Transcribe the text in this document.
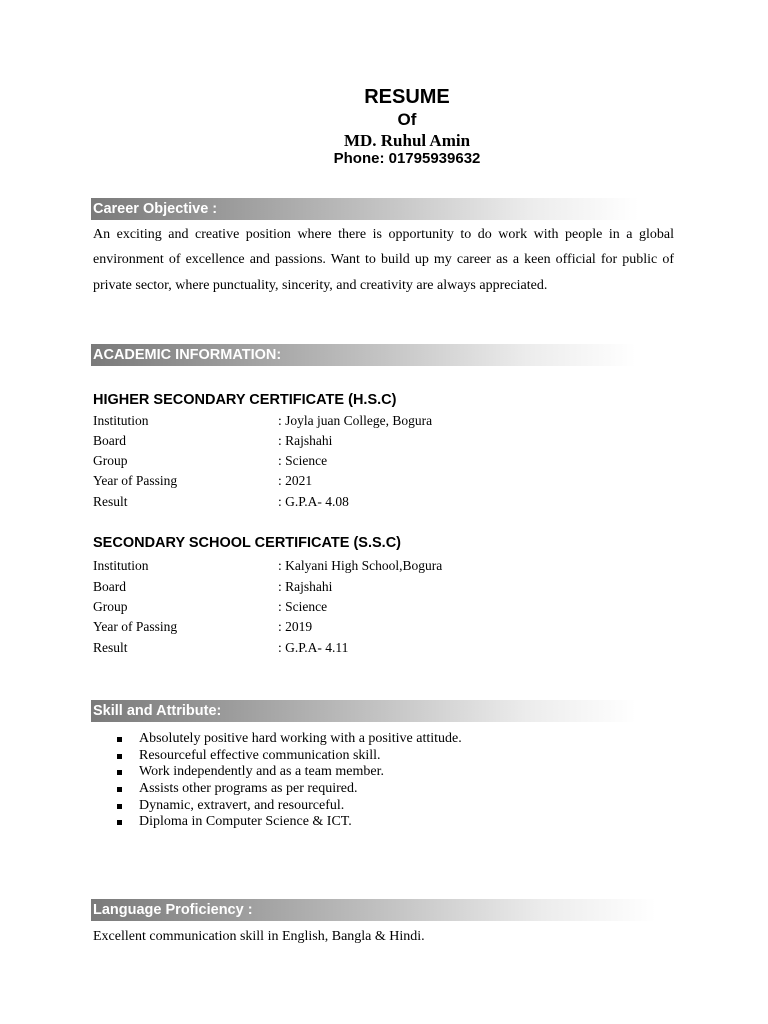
RESUME
Of
MD. Ruhul Amin
Phone: 01795939632
Career Objective :
An exciting and creative position where there is opportunity to do work with people in a global environment of excellence and passions. Want to build up my career as a keen official for public of private sector, where punctuality, sincerity, and creativity are always appreciated.
ACADEMIC INFORMATION:
HIGHER SECONDARY CERTIFICATE (H.S.C)
Institution	: Joyla juan College, Bogura
Board	: Rajshahi
Group	: Science
Year of Passing	: 2021
Result	: G.P.A- 4.08
SECONDARY SCHOOL CERTIFICATE (S.S.C)
Institution	: Kalyani High School,Bogura
Board	: Rajshahi
Group	: Science
Year of Passing	: 2019
Result	: G.P.A- 4.11
Skill and Attribute:
Absolutely positive hard working with a positive attitude.
Resourceful effective communication skill.
Work independently and as a team member.
Assists other programs as per required.
Dynamic, extravert, and resourceful.
Diploma in Computer Science & ICT.
Language Proficiency :
Excellent communication skill in English, Bangla & Hindi.
